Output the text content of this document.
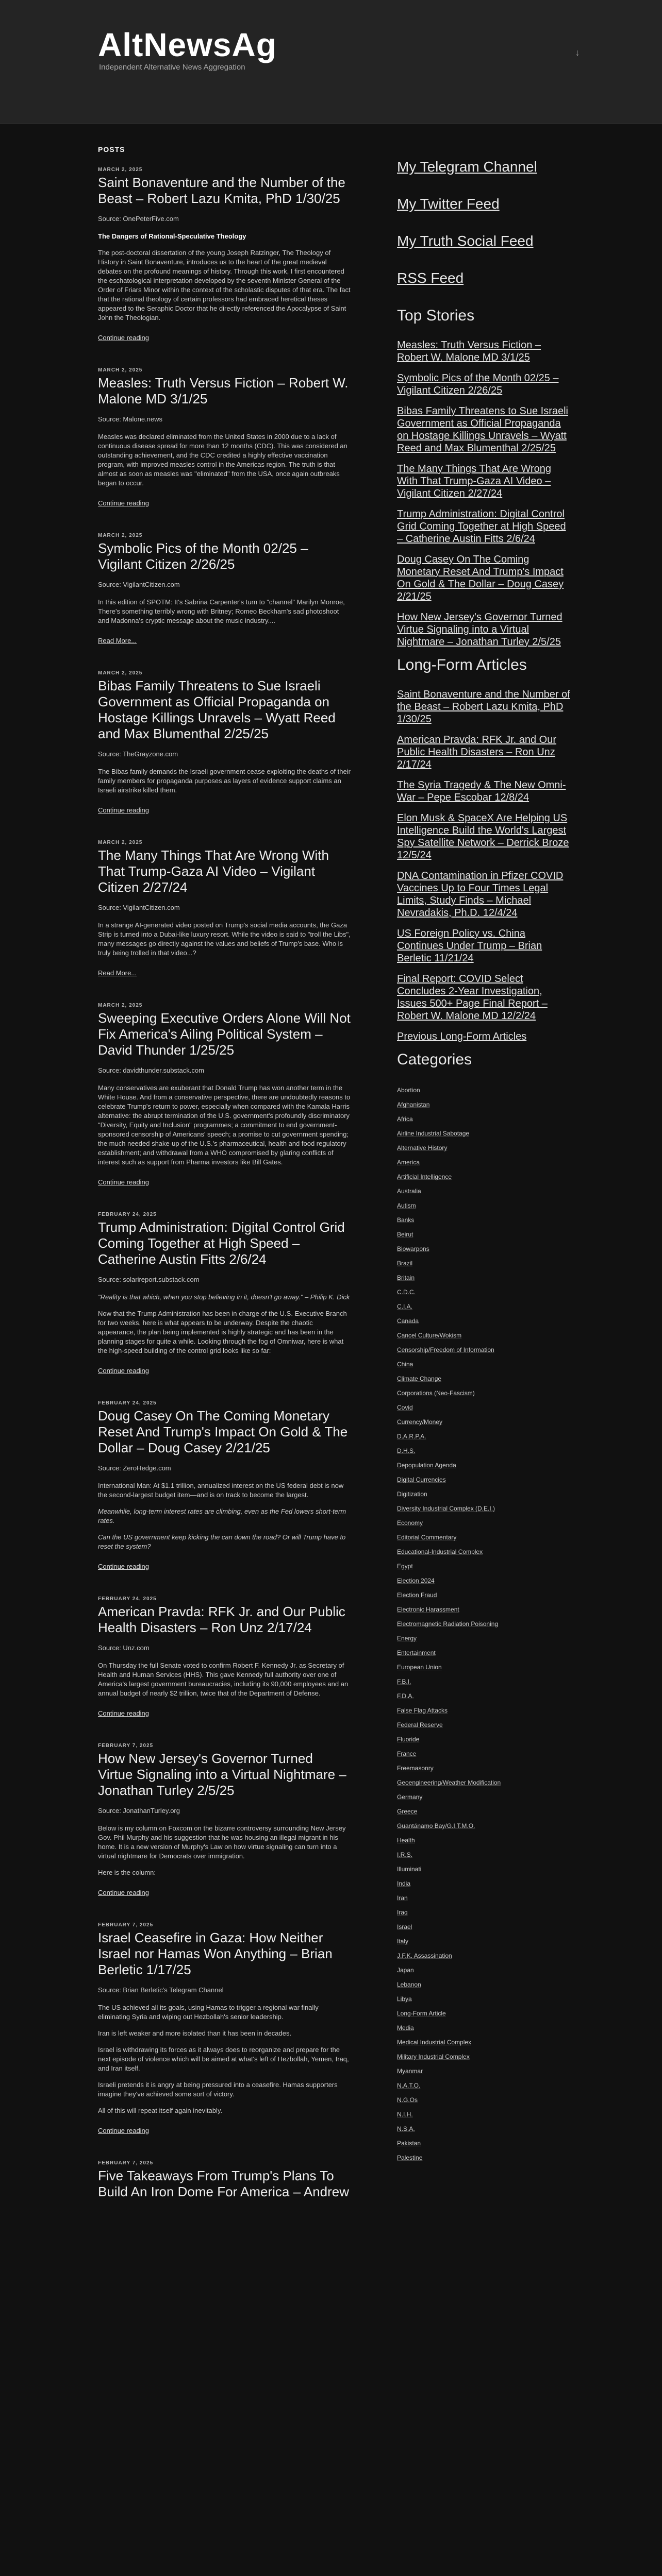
AltNewsAg
Independent Alternative News Aggregation
↓
POSTS
MARCH 2, 2025
Saint Bonaventure and the Number of the Beast – Robert Lazu Kmita, PhD 1/30/25
Source: OnePeterFive.com

The Dangers of Rational-Speculative Theology

The post-doctoral dissertation of the young Joseph Ratzinger, The Theology of History in Saint Bonaventure, introduces us to the heart of the great medieval debates on the profound meanings of history. Through this work, I first encountered the eschatological interpretation developed by the seventh Minister General of the Order of Friars Minor within the context of the scholastic disputes of that era. The fact that the rational theology of certain professors had embraced heretical theses appeared to the Seraphic Doctor that he directly referenced the Apocalypse of Saint John the Theologian.

Continue reading
MARCH 2, 2025
Measles: Truth Versus Fiction – Robert W. Malone MD 3/1/25
Source: Malone.news

Measles was declared eliminated from the United States in 2000 due to a lack of continuous disease spread for more than 12 months (CDC). This was considered an outstanding achievement, and the CDC credited a highly effective vaccination program, with improved measles control in the Americas region. The truth is that almost as soon as measles was "eliminated" from the USA, once again outbreaks began to occur.

Continue reading
MARCH 2, 2025
Symbolic Pics of the Month 02/25 – Vigilant Citizen 2/26/25
Source: VigilantCitizen.com

In this edition of SPOTM: It's Sabrina Carpenter's turn to "channel" Marilyn Monroe, There's something terribly wrong with Britney; Romeo Beckham's sad photoshoot and Madonna's cryptic message about the music industry....

Read More...
MARCH 2, 2025
Bibas Family Threatens to Sue Israeli Government as Official Propaganda on Hostage Killings Unravels – Wyatt Reed and Max Blumenthal 2/25/25
Source: TheGrayzone.com

The Bibas family demands the Israeli government cease exploiting the deaths of their family members for propaganda purposes as layers of evidence support claims an Israeli airstrike killed them.

Continue reading
MARCH 2, 2025
The Many Things That Are Wrong With That Trump-Gaza AI Video – Vigilant Citizen 2/27/24
Source: VigilantCitizen.com

In a strange AI-generated video posted on Trump's social media accounts, the Gaza Strip is turned into a Dubai-like luxury resort. While the video is said to "troll the Libs", many messages go directly against the values and beliefs of Trump's base. Who is truly being trolled in that video...?

Read More...
MARCH 2, 2025
Sweeping Executive Orders Alone Will Not Fix America's Ailing Political System – David Thunder 1/25/25
Source: davidthunder.substack.com

Many conservatives are exuberant that Donald Trump has won another term in the White House. And from a conservative perspective, there are undoubtedly reasons to celebrate Trump's return to power, especially when compared with the Kamala Harris alternative: the abrupt termination of the U.S. government's profoundly discriminatory "Diversity, Equity and Inclusion" programmes; a commitment to end government-sponsored censorship of Americans' speech; a promise to cut government spending; the much needed shake-up of the U.S.'s pharmaceutical, health and food regulatory establishment; and withdrawal from a WHO compromised by glaring conflicts of interest such as support from Pharma investors like Bill Gates.

Continue reading
FEBRUARY 24, 2025
Trump Administration: Digital Control Grid Coming Together at High Speed – Catherine Austin Fitts 2/6/24
Source: solarireport.substack.com

"Reality is that which, when you stop believing in it, doesn't go away." – Philip K. Dick

Now that the Trump Administration has been in charge of the U.S. Executive Branch for two weeks, here is what appears to be underway. Despite the chaotic appearance, the plan being implemented is highly strategic and has been in the planning stages for quite a while. Looking through the fog of Omniwar, here is what the high-speed building of the control grid looks like so far:

Continue reading
FEBRUARY 24, 2025
Doug Casey On The Coming Monetary Reset And Trump's Impact On Gold & The Dollar – Doug Casey 2/21/25
Source: ZeroHedge.com

International Man: At $1.1 trillion, annualized interest on the US federal debt is now the second-largest budget item—and is on track to become the largest.

Meanwhile, long-term interest rates are climbing, even as the Fed lowers short-term rates.

Can the US government keep kicking the can down the road? Or will Trump have to reset the system?

Continue reading
FEBRUARY 24, 2025
American Pravda: RFK Jr. and Our Public Health Disasters – Ron Unz 2/17/24
Source: Unz.com

On Thursday the full Senate voted to confirm Robert F. Kennedy Jr. as Secretary of Health and Human Services (HHS). This gave Kennedy full authority over one of America's largest government bureaucracies, including its 90,000 employees and an annual budget of nearly $2 trillion, twice that of the Department of Defense.

Continue reading
FEBRUARY 7, 2025
How New Jersey's Governor Turned Virtue Signaling into a Virtual Nightmare – Jonathan Turley 2/5/25
Source: JonathanTurley.org

Below is my column on Foxcom on the bizarre controversy surrounding New Jersey Gov. Phil Murphy and his suggestion that he was housing an illegal migrant in his home. It is a new version of Murphy's Law on how virtue signaling can turn into a virtual nightmare for Democrats over immigration.

Here is the column:

Continue reading
FEBRUARY 7, 2025
Israel Ceasefire in Gaza: How Neither Israel nor Hamas Won Anything – Brian Berletic 1/17/25
Source: Brian Berletic's Telegram Channel

The US achieved all its goals, using Hamas to trigger a regional war finally eliminating Syria and wiping out Hezbollah's senior leadership.

Iran is left weaker and more isolated than it has been in decades.

Israel is withdrawing its forces as it always does to reorganize and prepare for the next episode of violence which will be aimed at what's left of Hezbollah, Yemen, Iraq, and Iran itself.

Israeli pretends it is angry at being pressured into a ceasefire. Hamas supporters imagine they've achieved some sort of victory.

All of this will repeat itself again inevitably.

Continue reading
FEBRUARY 7, 2025
Five Takeaways From Trump's Plans To Build An Iron Dome For America – Andrew
My Telegram Channel
My Twitter Feed
My Truth Social Feed
RSS Feed
Top Stories
Measles: Truth Versus Fiction – Robert W. Malone MD 3/1/25
Symbolic Pics of the Month 02/25 – Vigilant Citizen 2/26/25
Bibas Family Threatens to Sue Israeli Government as Official Propaganda on Hostage Killings Unravels – Wyatt Reed and Max Blumenthal 2/25/25
The Many Things That Are Wrong With That Trump-Gaza AI Video – Vigilant Citizen 2/27/24
Trump Administration: Digital Control Grid Coming Together at High Speed – Catherine Austin Fitts 2/6/24
Doug Casey On The Coming Monetary Reset And Trump's Impact On Gold & The Dollar – Doug Casey 2/21/25
How New Jersey's Governor Turned Virtue Signaling into a Virtual Nightmare – Jonathan Turley 2/5/25
Long-Form Articles
Saint Bonaventure and the Number of the Beast – Robert Lazu Kmita, PhD 1/30/25
American Pravda: RFK Jr. and Our Public Health Disasters – Ron Unz 2/17/24
The Syria Tragedy & The New Omni-War – Pepe Escobar 12/8/24
Elon Musk & SpaceX Are Helping US Intelligence Build the World's Largest Spy Satellite Network – Derrick Broze 12/5/24
DNA Contamination in Pfizer COVID Vaccines Up to Four Times Legal Limits, Study Finds – Michael Nevradakis, Ph.D. 12/4/24
US Foreign Policy vs. China Continues Under Trump – Brian Berletic 11/21/24
Final Report: COVID Select Concludes 2-Year Investigation, Issues 500+ Page Final Report – Robert W. Malone MD 12/2/24
Previous Long-Form Articles
Categories
Abortion
Afghanistan
Africa
Airline Industrial Sabotage
Alternative History
America
Artificial Intelligence
Australia
Autism
Banks
Beirut
Biowarpons
Brazil
Britain
C.D.C.
C.I.A.
Canada
Cancel Culture/Wokism
Censorship/Freedom of Information
China
Climate Change
Corporations (Neo-Fascism)
Covid
Currency/Money
D.A.R.P.A.
D.H.S.
Depopulation Agenda
Digital Currencies
Digitization
Diversity Industrial Complex (D.E.I.)
Economy
Editorial Commentary
Educational-Industrial Complex
Egypt
Election 2024
Election Fraud
Electronic Harassment
Electromagnetic Radiation Poisoning
Energy
Entertainment
European Union
F.B.I.
F.D.A.
False Flag Attacks
Federal Reserve
Fluoride
France
Freemasonry
Geoengineering/Weather Modification
Germany
Greece
Guantánamo Bay/G.I.T.M.O.
Health
I.R.S.
Illuminati
India
Iran
Iraq
Israel
Italy
J.F.K. Assassination
Japan
Lebanon
Libya
Long-Form Article
Media
Medical Industrial Complex
Military Industrial Complex
Myanmar
N.A.T.O.
N.G.Os
N.I.H.
N.S.A.
Pakistan
Palestine
